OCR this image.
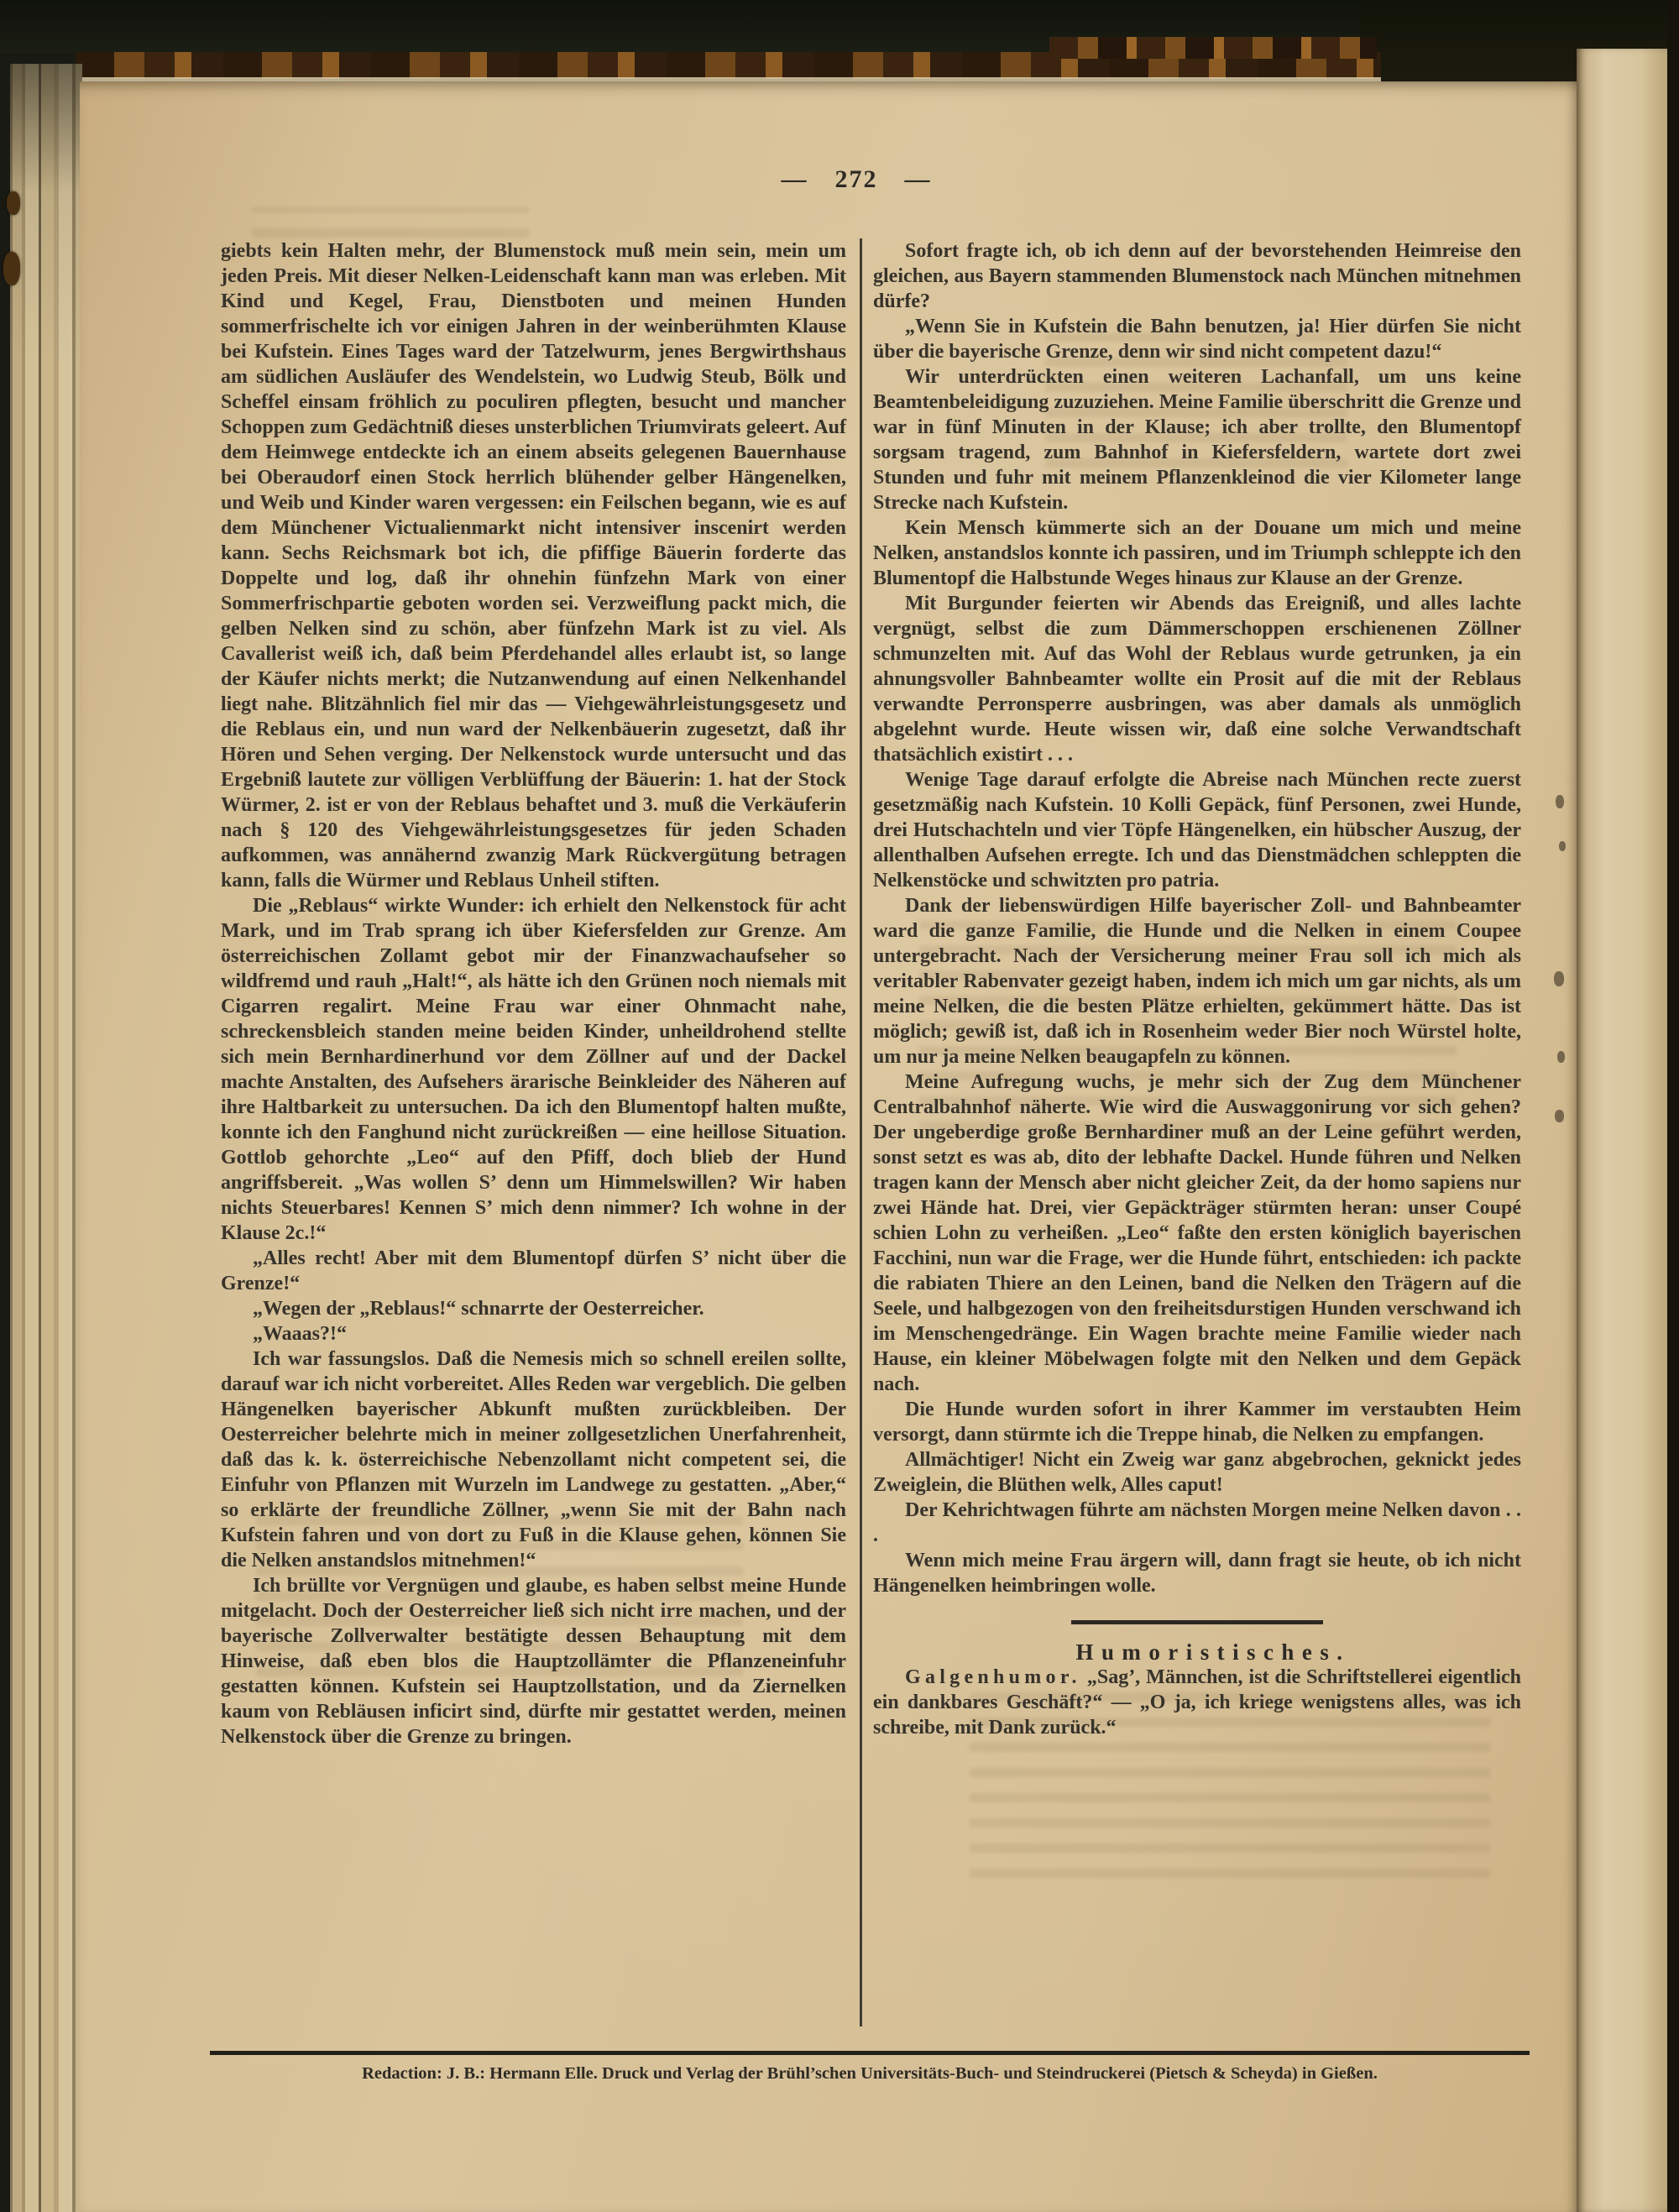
— 272 —

giebts kein Halten mehr, der Blumenstock muß mein sein, mein um jeden Preis. Mit dieser Nelken-Leidenschaft kann man was erleben. Mit Kind und Kegel, Frau, Dienstboten und meinen Hunden sommerfrischelte ich vor einigen Jahren in der weinberühmten Klause bei Kufstein. Eines Tages ward der Tatzelwurm, jenes Bergwirthshaus am südlichen Ausläufer des Wendelstein, wo Ludwig Steub, Bölk und Scheffel einsam fröhlich zu poculiren pflegten, besucht und mancher Schoppen zum Gedächtniß dieses unsterblichen Triumvirats geleert. Auf dem Heimwege entdeckte ich an einem abseits gelegenen Bauernhause bei Oberaudorf einen Stock herrlich blühender gelber Hängenelken, und Weib und Kinder waren vergessen: ein Feilschen begann, wie es auf dem Münchener Victualienmarkt nicht intensiver inscenirt werden kann. Sechs Reichsmark bot ich, die pfiffige Bäuerin forderte das Doppelte und log, daß ihr ohnehin fünfzehn Mark von einer Sommerfrischpartie geboten worden sei. Verzweiflung packt mich, die gelben Nelken sind zu schön, aber fünfzehn Mark ist zu viel. Als Cavallerist weiß ich, daß beim Pferdehandel alles erlaubt ist, so lange der Käufer nichts merkt; die Nutzanwendung auf einen Nelkenhandel liegt nahe. Blitzähnlich fiel mir das — Viehgewährleistungsgesetz und die Reblaus ein, und nun ward der Nelkenbäuerin zugesetzt, daß ihr Hören und Sehen verging. Der Nelkenstock wurde untersucht und das Ergebniß lautete zur völligen Verblüffung der Bäuerin: 1. hat der Stock Würmer, 2. ist er von der Reblaus behaftet und 3. muß die Verkäuferin nach § 120 des Viehgewährleistungsgesetzes für jeden Schaden aufkommen, was annähernd zwanzig Mark Rückvergütung betragen kann, falls die Würmer und Reblaus Unheil stiften.

Die „Reblaus“ wirkte Wunder: ich erhielt den Nelkenstock für acht Mark, und im Trab sprang ich über Kiefersfelden zur Grenze. Am österreichischen Zollamt gebot mir der Finanzwachaufseher so wildfremd und rauh „Halt!“, als hätte ich den Grünen noch niemals mit Cigarren regalirt. Meine Frau war einer Ohnmacht nahe, schreckensbleich standen meine beiden Kinder, unheildrohend stellte sich mein Bernhardinerhund vor dem Zöllner auf und der Dackel machte Anstalten, des Aufsehers ärarische Beinkleider des Näheren auf ihre Haltbarkeit zu untersuchen. Da ich den Blumentopf halten mußte, konnte ich den Fanghund nicht zurückreißen — eine heillose Situation. Gottlob gehorchte „Leo“ auf den Pfiff, doch blieb der Hund angriffsbereit. „Was wollen S’ denn um Himmelswillen? Wir haben nichts Steuerbares! Kennen S’ mich denn nimmer? Ich wohne in der Klause 2c.!“

„Alles recht! Aber mit dem Blumentopf dürfen S’ nicht über die Grenze!“

„Wegen der „Reblaus!“ schnarrte der Oesterreicher.

„Waaas?!“

Ich war fassungslos. Daß die Nemesis mich so schnell ereilen sollte, darauf war ich nicht vorbereitet. Alles Reden war vergeblich. Die gelben Hängenelken bayerischer Abkunft mußten zurückbleiben. Der Oesterreicher belehrte mich in meiner zollgesetzlichen Unerfahrenheit, daß das k. k. österreichische Nebenzollamt nicht competent sei, die Einfuhr von Pflanzen mit Wurzeln im Landwege zu gestatten. „Aber,“ so erklärte der freundliche Zöllner, „wenn Sie mit der Bahn nach Kufstein fahren und von dort zu Fuß in die Klause gehen, können Sie die Nelken anstandslos mitnehmen!“

Ich brüllte vor Vergnügen und glaube, es haben selbst meine Hunde mitgelacht. Doch der Oesterreicher ließ sich nicht irre machen, und der bayerische Zollverwalter bestätigte dessen Behauptung mit dem Hinweise, daß eben blos die Hauptzollämter die Pflanzeneinfuhr gestatten können. Kufstein sei Hauptzollstation, und da Ziernelken kaum von Rebläusen inficirt sind, dürfte mir gestattet werden, meinen Nelkenstock über die Grenze zu bringen.

Sofort fragte ich, ob ich denn auf der bevorstehenden Heimreise den gleichen, aus Bayern stammenden Blumenstock nach München mitnehmen dürfe?

„Wenn Sie in Kufstein die Bahn benutzen, ja! Hier dürfen Sie nicht über die bayerische Grenze, denn wir sind nicht competent dazu!“

Wir unterdrückten einen weiteren Lachanfall, um uns keine Beamtenbeleidigung zuzuziehen. Meine Familie überschritt die Grenze und war in fünf Minuten in der Klause; ich aber trollte, den Blumentopf sorgsam tragend, zum Bahnhof in Kiefersfeldern, wartete dort zwei Stunden und fuhr mit meinem Pflanzenkleinod die vier Kilometer lange Strecke nach Kufstein.

Kein Mensch kümmerte sich an der Douane um mich und meine Nelken, anstandslos konnte ich passiren, und im Triumph schleppte ich den Blumentopf die Halbstunde Weges hinaus zur Klause an der Grenze.

Mit Burgunder feierten wir Abends das Ereigniß, und alles lachte vergnügt, selbst die zum Dämmerschoppen erschienenen Zöllner schmunzelten mit. Auf das Wohl der Reblaus wurde getrunken, ja ein ahnungsvoller Bahnbeamter wollte ein Prosit auf die mit der Reblaus verwandte Perronsperre ausbringen, was aber damals als unmöglich abgelehnt wurde. Heute wissen wir, daß eine solche Verwandtschaft thatsächlich existirt . . .

Wenige Tage darauf erfolgte die Abreise nach München recte zuerst gesetzmäßig nach Kufstein. 10 Kolli Gepäck, fünf Personen, zwei Hunde, drei Hutschachteln und vier Töpfe Hängenelken, ein hübscher Auszug, der allenthalben Aufsehen erregte. Ich und das Dienstmädchen schleppten die Nelkenstöcke und schwitzten pro patria.

Dank der liebenswürdigen Hilfe bayerischer Zoll- und Bahnbeamter ward die ganze Familie, die Hunde und die Nelken in einem Coupee untergebracht. Nach der Versicherung meiner Frau soll ich mich als veritabler Rabenvater gezeigt haben, indem ich mich um gar nichts, als um meine Nelken, die die besten Plätze erhielten, gekümmert hätte. Das ist möglich; gewiß ist, daß ich in Rosenheim weder Bier noch Würstel holte, um nur ja meine Nelken beaugapfeln zu können.

Meine Aufregung wuchs, je mehr sich der Zug dem Münchener Centralbahnhof näherte. Wie wird die Auswaggonirung vor sich gehen? Der ungeberdige große Bernhardiner muß an der Leine geführt werden, sonst setzt es was ab, dito der lebhafte Dackel. Hunde führen und Nelken tragen kann der Mensch aber nicht gleicher Zeit, da der homo sapiens nur zwei Hände hat. Drei, vier Gepäckträger stürmten heran: unser Coupé schien Lohn zu verheißen. „Leo“ faßte den ersten königlich bayerischen Facchini, nun war die Frage, wer die Hunde führt, entschieden: ich packte die rabiaten Thiere an den Leinen, band die Nelken den Trägern auf die Seele, und halbgezogen von den freiheitsdurstigen Hunden verschwand ich im Menschengedränge. Ein Wagen brachte meine Familie wieder nach Hause, ein kleiner Möbelwagen folgte mit den Nelken und dem Gepäck nach.

Die Hunde wurden sofort in ihrer Kammer im verstaubten Heim versorgt, dann stürmte ich die Treppe hinab, die Nelken zu empfangen.

Allmächtiger! Nicht ein Zweig war ganz abgebrochen, geknickt jedes Zweiglein, die Blüthen welk, Alles caput!

Der Kehrichtwagen führte am nächsten Morgen meine Nelken davon . . .

Wenn mich meine Frau ärgern will, dann fragt sie heute, ob ich nicht Hängenelken heimbringen wolle.

Humoristisches.

Galgenhumor. „Sag’, Männchen, ist die Schriftstellerei eigentlich ein dankbares Geschäft?“ — „O ja, ich kriege wenigstens alles, was ich schreibe, mit Dank zurück.“

Redaction: J. B.: Hermann Elle. Druck und Verlag der Brühl’schen Universitäts-Buch- und Steindruckerei (Pietsch & Scheyda) in Gießen.
